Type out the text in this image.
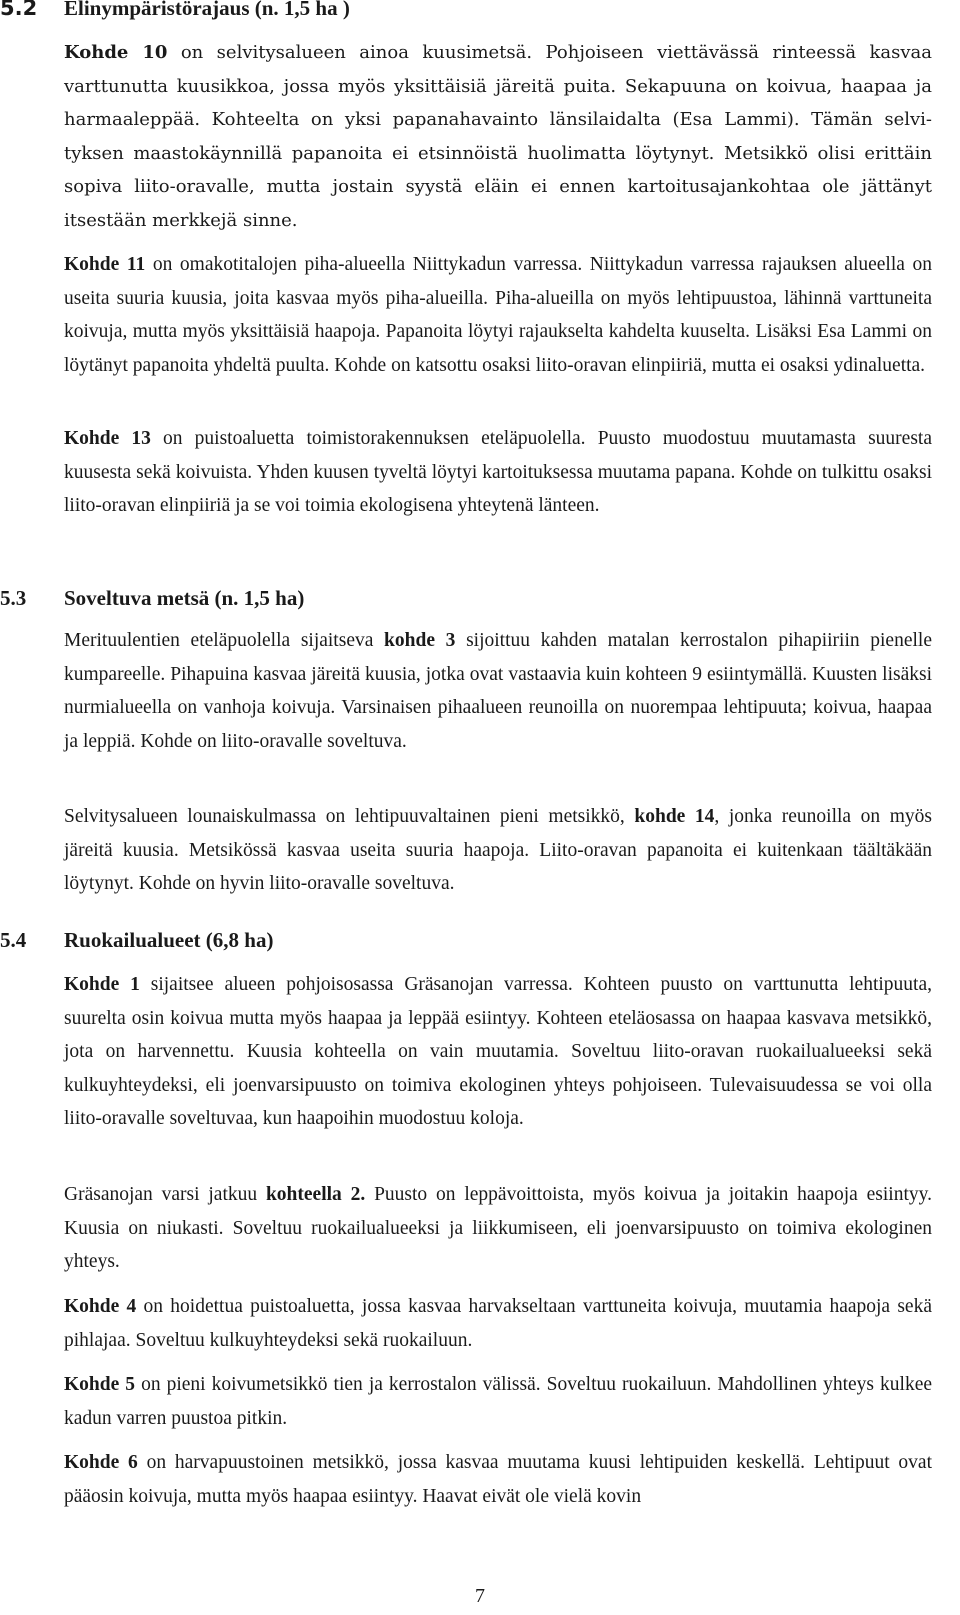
5.2 Elinympäristörajaus (n. 1,5 ha )
Kohde 10 on selvitysalueen ainoa kuusimetsä. Pohjoiseen viettävässä rinteessä kasvaa varttunutta kuusikkoa, jossa myös yksittäisiä järeitä puita. Sekapuuna on koivua, haapaa ja harmaaleppää. Kohteelta on yksi papanahavainto länsilaidalta (Esa Lammi). Tämän selvityksen maastokäynnillä papanoita ei etsinnöistä huolimatta löytynyt. Metsikkö olisi erittäin sopiva liito-oravalle, mutta jostain syystä eläin ei ennen kartoitusajankohtaa ole jättänyt itsestään merkkejä sinne.
Kohde 11 on omakotitalojen piha-alueella Niittykadun varressa. Niittykadun varressa rajauksen alueella on useita suuria kuusia, joita kasvaa myös piha-alueilla. Piha-alueilla on myös lehtipuustoa, lähinnä varttuneita koivuja, mutta myös yksittäisiä haapoja. Papanoita löytyi rajaukselta kahdelta kuuselta. Lisäksi Esa Lammi on löytänyt papanoita yhdeltä puulta. Kohde on katsottu osaksi liito-oravan elinpiiriä, mutta ei osaksi ydinaluetta.
Kohde 13 on puistoaluetta toimistorakennuksen eteläpuolella. Puusto muodostuu muutamasta suuresta kuusesta sekä koivuista. Yhden kuusen tyveltä löytyi kartoituksessa muutama papana. Kohde on tulkittu osaksi liito-oravan elinpiiriä ja se voi toimia ekologisena yhteytenä länteen.
5.3 Soveltuva metsä (n. 1,5 ha)
Merituulentien eteläpuolella sijaitseva kohde 3 sijoittuu kahden matalan kerrostalon pihapiiriin pienelle kumpareelle. Pihapuina kasvaa järeitä kuusia, jotka ovat vastaavia kuin kohteen 9 esiintymällä. Kuusten lisäksi nurmialueella on vanhoja koivuja. Varsinaisen pihaalueen reunoilla on nuorempaa lehtipuuta; koivua, haapaa ja leppiä. Kohde on liito-oravalle soveltuva.
Selvitysalueen lounaiskulmassa on lehtipuuvaltainen pieni metsikkö, kohde 14, jonka reunoilla on myös järeitä kuusia. Metsikössä kasvaa useita suuria haapoja. Liito-oravan papanoita ei kuitenkaan täältäkään löytynyt. Kohde on hyvin liito-oravalle soveltuva.
5.4 Ruokailualueet (6,8 ha)
Kohde 1 sijaitsee alueen pohjoisosassa Gräsanojan varressa. Kohteen puusto on varttunutta lehtipuuta, suurelta osin koivua mutta myös haapaa ja leppää esiintyy. Kohteen eteläosassa on haapaa kasvava metsikkö, jota on harvennettu. Kuusia kohteella on vain muutamia. Soveltuu liito-oravan ruokailualueeksi sekä kulkuyhteydeksi, eli joenvarsipuusto on toimiva ekologinen yhteys pohjoiseen. Tulevaisuudessa se voi olla liito-oravalle soveltuvaa, kun haapoihin muodostuu koloja.
Gräsanojan varsi jatkuu kohteella 2. Puusto on leppävoittoista, myös koivua ja joitakin haapoja esiintyy. Kuusia on niukasti. Soveltuu ruokailualueeksi ja liikkumiseen, eli joenvarsipuusto on toimiva ekologinen yhteys.
Kohde 4 on hoidettua puistoaluetta, jossa kasvaa harvakseltaan varttuneita koivuja, muutamia haapoja sekä pihlajaa. Soveltuu kulkuyhteydeksi sekä ruokailuun.
Kohde 5 on pieni koivumetsikkö tien ja kerrostalon välissä. Soveltuu ruokailuun. Mahdollinen yhteys kulkee kadun varren puustoa pitkin.
Kohde 6 on harvapuustoinen metsikkö, jossa kasvaa muutama kuusi lehtipuiden keskellä. Lehtipuut ovat pääosin koivuja, mutta myös haapaa esiintyy. Haavat eivät ole vielä kovin
7
